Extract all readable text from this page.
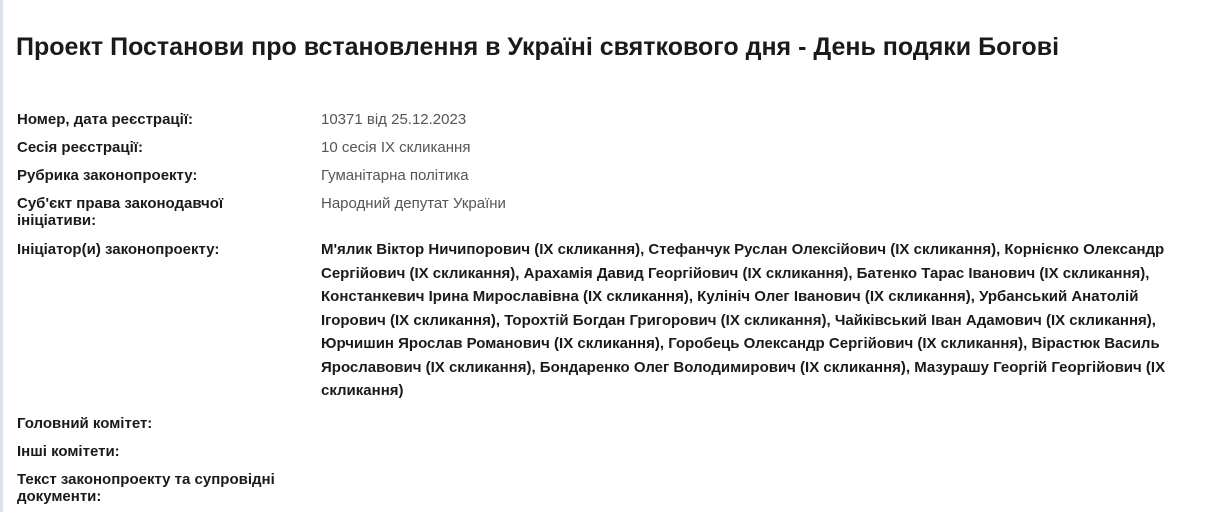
Проект Постанови про встановлення в Україні святкового дня - День подяки Богові
Номер, дата реєстрації:	10371 від 25.12.2023
Сесія реєстрації:	10 сесія IX скликання
Рубрика законопроекту:	Гуманітарна політика
Суб'єкт права законодавчої ініціативи:
Народний депутат України
Ініціатор(и) законопроекту:	М'ялик Віктор Ничипорович (IX скликання), Стефанчук Руслан Олексійович (IX скликання), Корнієнко Олександр Сергійович (IX скликання), Арахамія Давид Георгійович (IX скликання), Батенко Тарас Іванович (IX скликання), Констанкевич Ірина Мирославівна (IX скликання), Кулініч Олег Іванович (IX скликання), Урбанський Анатолій Ігорович (IX скликання), Торохтій Богдан Григорович (IX скликання), Чайківський Іван Адамович (IX скликання), Юрчишин Ярослав Романович (IX скликання), Горобець Олександр Сергійович (IX скликання), Вірастюк Василь Ярославович (IX скликання), Бондаренко Олег Володимирович (IX скликання), Мазурашу Георгій Георгійович (IX скликання)
Головний комітет:
Інші комітети:
Текст законопроекту та супровідні документи:
